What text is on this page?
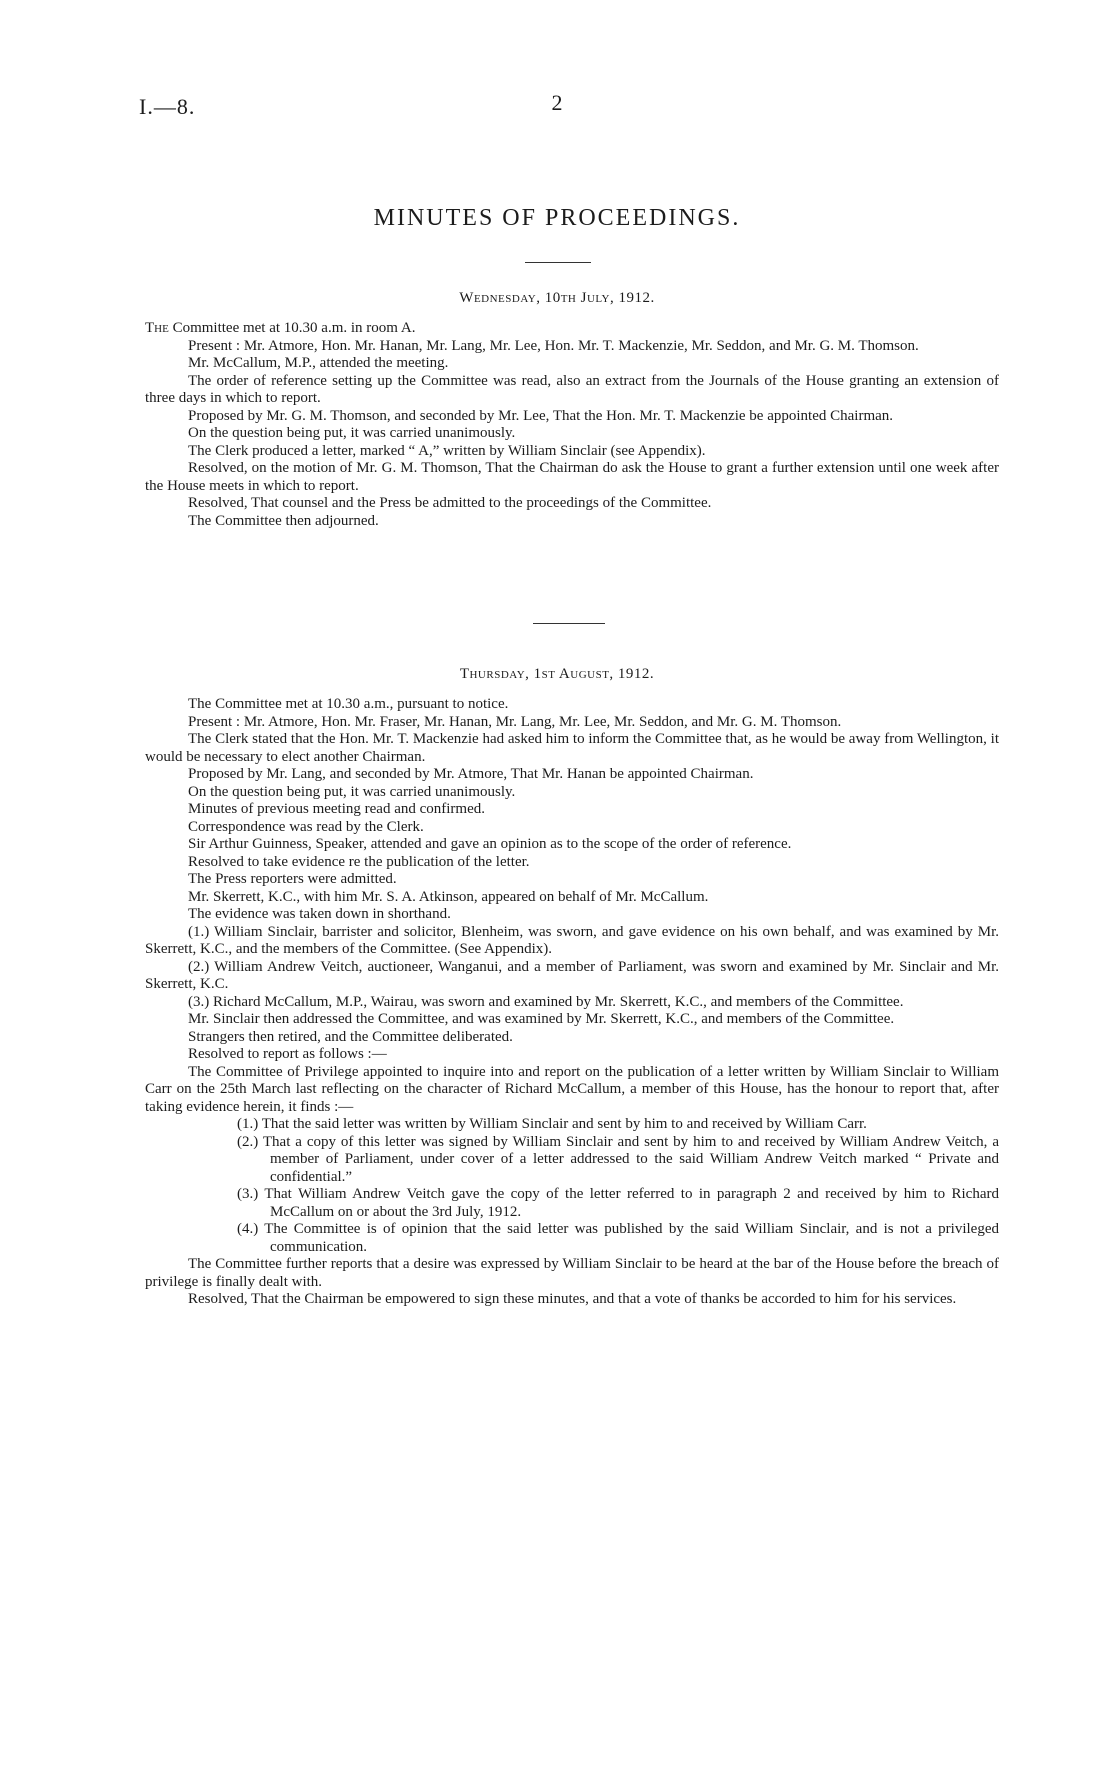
I.—8.	2
MINUTES OF PROCEEDINGS.
Wednesday, 10th July, 1912.

The Committee met at 10.30 a.m. in room A.

Present : Mr. Atmore, Hon. Mr. Hanan, Mr. Lang, Mr. Lee, Hon. Mr. T. Mackenzie, Mr. Seddon, and Mr. G. M. Thomson.

Mr. McCallum, M.P., attended the meeting.

The order of reference setting up the Committee was read, also an extract from the Journals of the House granting an extension of three days in which to report.

Proposed by Mr. G. M. Thomson, and seconded by Mr. Lee, That the Hon. Mr. T. Mackenzie be appointed Chairman.

On the question being put, it was carried unanimously.

The Clerk produced a letter, marked “ A,” written by William Sinclair (see Appendix).

Resolved, on the motion of Mr. G. M. Thomson, That the Chairman do ask the House to grant a further extension until one week after the House meets in which to report.

Resolved, That counsel and the Press be admitted to the proceedings of the Committee.

The Committee then adjourned.

Thursday, 1st August, 1912.

The Committee met at 10.30 a.m., pursuant to notice.

Present : Mr. Atmore, Hon. Mr. Fraser, Mr. Hanan, Mr. Lang, Mr. Lee, Mr. Seddon, and Mr. G. M. Thomson.

The Clerk stated that the Hon. Mr. T. Mackenzie had asked him to inform the Committee that, as he would be away from Wellington, it would be necessary to elect another Chairman.

Proposed by Mr. Lang, and seconded by Mr. Atmore, That Mr. Hanan be appointed Chairman.

On the question being put, it was carried unanimously.

Minutes of previous meeting read and confirmed.

Correspondence was read by the Clerk.

Sir Arthur Guinness, Speaker, attended and gave an opinion as to the scope of the order of reference.

Resolved to take evidence re the publication of the letter.

The Press reporters were admitted.

Mr. Skerrett, K.C., with him Mr. S. A. Atkinson, appeared on behalf of Mr. McCallum.

The evidence was taken down in shorthand.

(1.) William Sinclair, barrister and solicitor, Blenheim, was sworn, and gave evidence on his own behalf, and was examined by Mr. Skerrett, K.C., and the members of the Committee. (See Appendix).

(2.) William Andrew Veitch, auctioneer, Wanganui, and a member of Parliament, was sworn and examined by Mr. Sinclair and Mr. Skerrett, K.C.

(3.) Richard McCallum, M.P., Wairau, was sworn and examined by Mr. Skerrett, K.C., and members of the Committee.

Mr. Sinclair then addressed the Committee, and was examined by Mr. Skerrett, K.C., and members of the Committee.

Strangers then retired, and the Committee deliberated.

Resolved to report as follows :—

The Committee of Privilege appointed to inquire into and report on the publication of a letter written by William Sinclair to William Carr on the 25th March last reflecting on the character of Richard McCallum, a member of this House, has the honour to report that, after taking evidence herein, it finds :—

(1.) That the said letter was written by William Sinclair and sent by him to and received by William Carr.

(2.) That a copy of this letter was signed by William Sinclair and sent by him to and received by William Andrew Veitch, a member of Parliament, under cover of a letter addressed to the said William Andrew Veitch marked “ Private and confidential.”

(3.) That William Andrew Veitch gave the copy of the letter referred to in paragraph 2 and received by him to Richard McCallum on or about the 3rd July, 1912.

(4.) The Committee is of opinion that the said letter was published by the said William Sinclair, and is not a privileged communication.

The Committee further reports that a desire was expressed by William Sinclair to be heard at the bar of the House before the breach of privilege is finally dealt with.

Resolved, That the Chairman be empowered to sign these minutes, and that a vote of thanks be accorded to him for his services.
